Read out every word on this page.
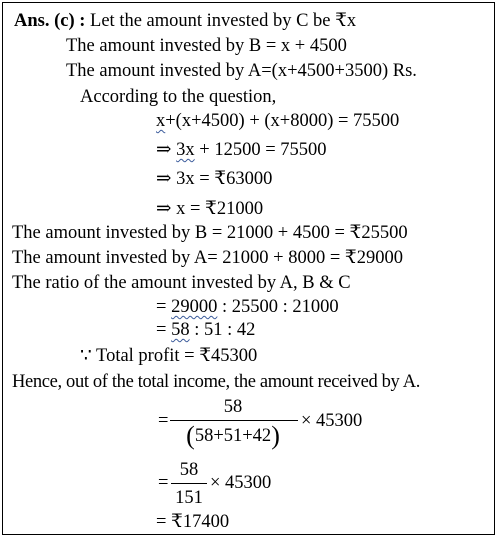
Ans. (c) : Let the amount invested by C be ₹x
The amount invested by B = x + 4500
The amount invested by A=(x+4500+3500) Rs.
According to the question,
x+(x+4500) + (x+8000) = 75500
⇒ 3x + 12500 = 75500
⇒ 3x = ₹63000
⇒ x = ₹21000
The amount invested by B = 21000 + 4500 = ₹25500
The amount invested by A= 21000 + 8000 = ₹29000
The ratio of the amount invested by A, B & C
= 29000 : 25500 : 21000
= 58 : 51 : 42
∵ Total profit = ₹45300
Hence, out of the total income, the amount received by A.
=
58
(58+51+42)	× 45300
=
58
151
× 45300
= ₹17400
